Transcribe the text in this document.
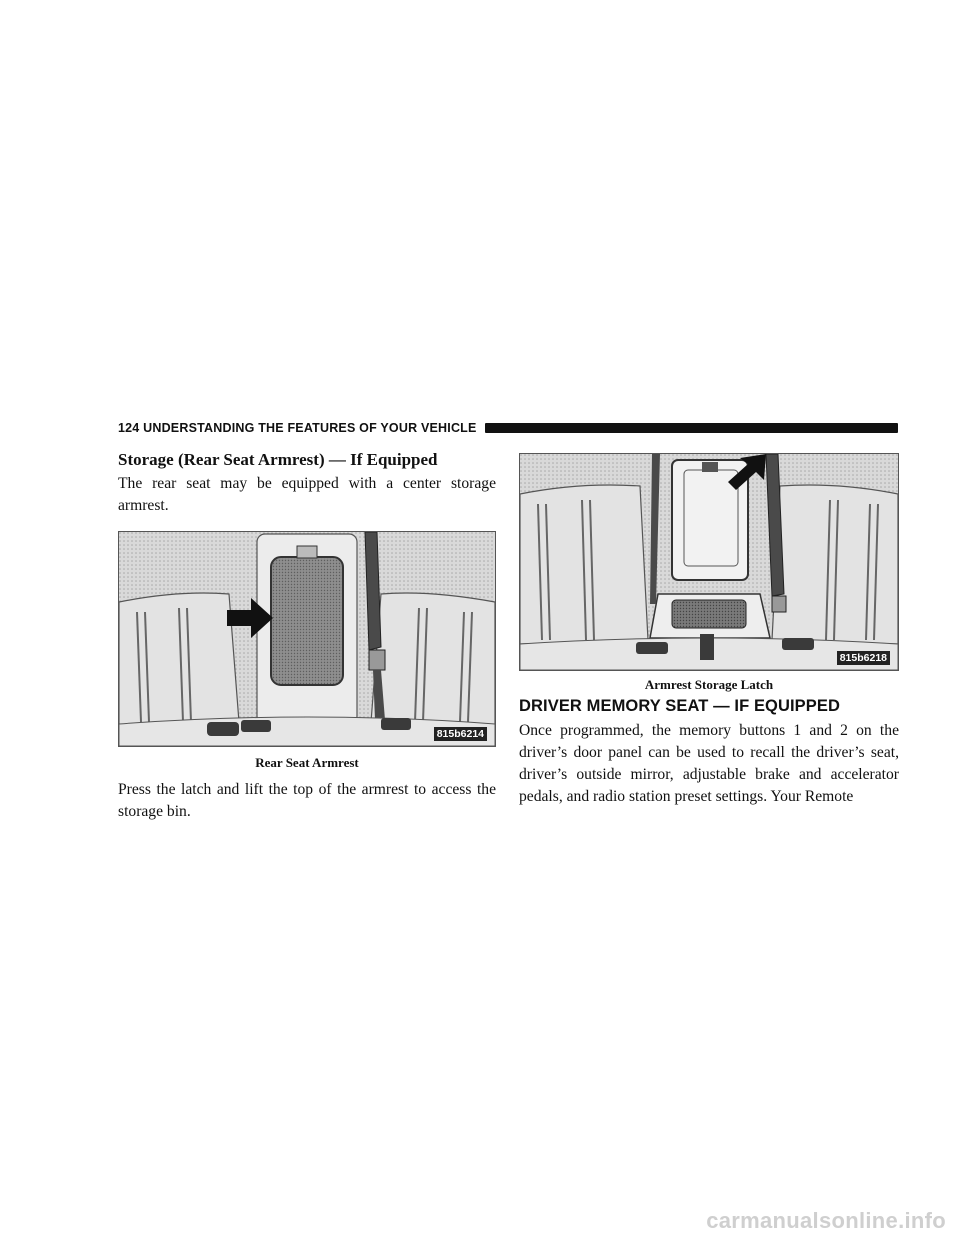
124 UNDERSTANDING THE FEATURES OF YOUR VEHICLE
Storage (Rear Seat Armrest) — If Equipped

The rear seat may be equipped with a center storage armrest.

815b6214
Rear Seat Armrest

Press the latch and lift the top of the armrest to access the storage bin.

815b6218
Armrest Storage Latch
DRIVER MEMORY SEAT — IF EQUIPPED

Once programmed, the memory buttons 1 and 2 on the driver’s door panel can be used to recall the driver’s seat, driver’s outside mirror, adjustable brake and accelerator pedals, and radio station preset settings. Your Remote

carmanualsonline.info
